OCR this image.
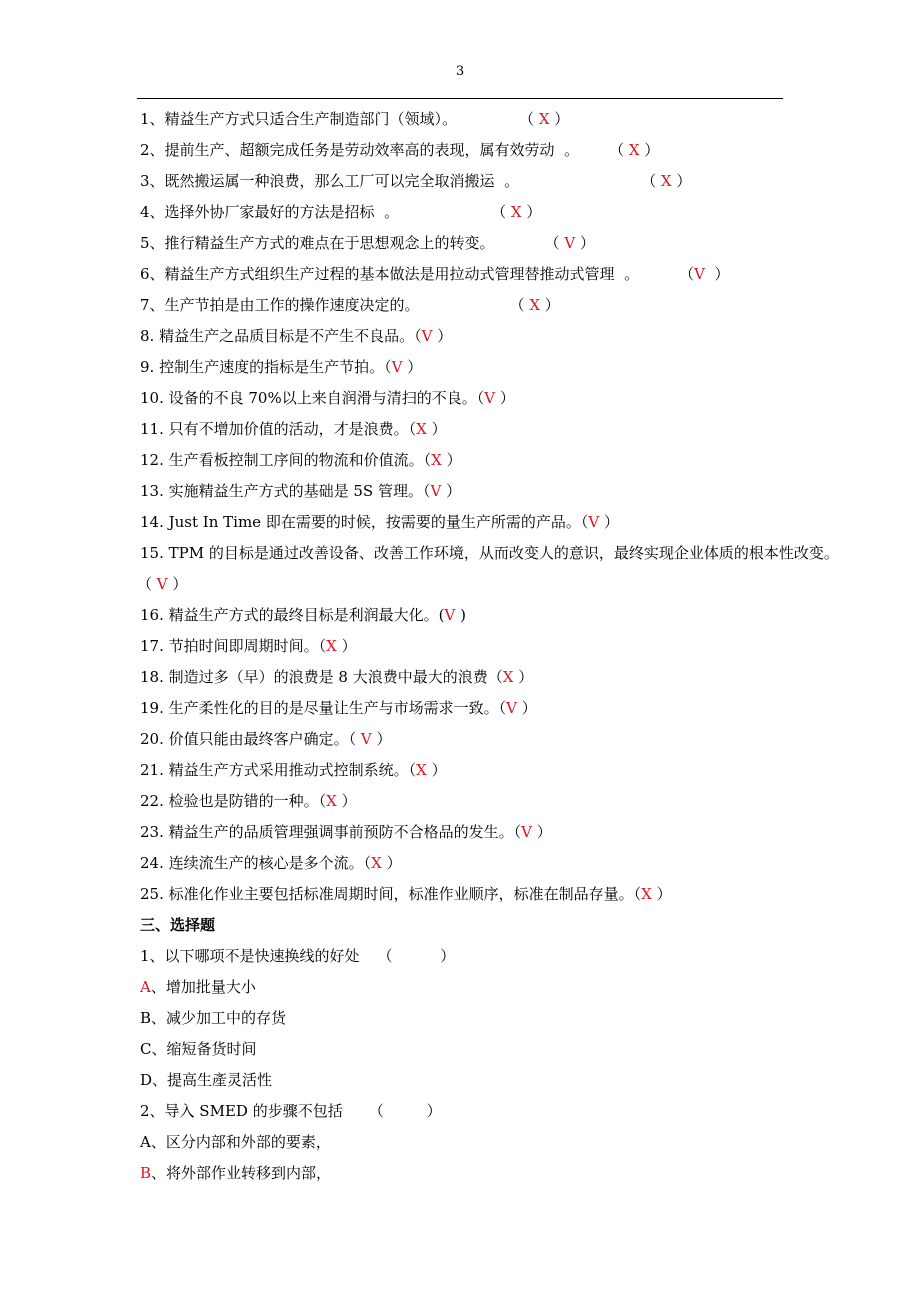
3
1、精益生产方式只适合生产制造部门（领域）。	（ X ）
2、提前生产、超额完成任务是劳动效率高的表现，属有效劳动  。 （ X ）
3、既然搬运属一种浪费，那么工厂可以完全取消搬运  。	（ X ）
4、选择外协厂家最好的方法是招标  。	（ X ）
5、推行精益生产方式的难点在于思想观念上的转变。	（ V ）
6、精益生产方式组织生产过程的基本做法是用拉动式管理替推动式管理  。	（V  ）
7、生产节拍是由工作的操作速度决定的。	（ X ）
8. 精益生产之品质目标是不产生不良品。（V ）
9. 控制生产速度的指标是生产节拍。（V ）
10. 设备的不良 70%以上来自润滑与清扫的不良。（V ）
11. 只有不增加价值的活动，才是浪费。（X ）
12. 生产看板控制工序间的物流和价值流。（X ）
13. 实施精益生产方式的基础是 5S 管理。（V ）
14. Just In Time 即在需要的时候，按需要的量生产所需的产品。（V ）
15. TPM 的目标是通过改善设备、改善工作环境，从而改变人的意识，最终实现企业体质的根本性改变。
（ V ）
16. 精益生产方式的最终目标是利润最大化。(V )
17. 节拍时间即周期时间。（X ）
18. 制造过多（早）的浪费是 8 大浪费中最大的浪费（X ）
19. 生产柔性化的目的是尽量让生产与市场需求一致。（V ）
20. 价值只能由最终客户确定。（ V ）
21. 精益生产方式采用推动式控制系统。（X ）
22. 检验也是防错的一种。（X ）
23. 精益生产的品质管理强调事前预防不合格品的发生。（V ）
24. 连续流生产的核心是多个流。（X ）
25. 标准化作业主要包括标准周期时间，标准作业顺序，标准在制品存量。（X ）
三、选择题
1、以下哪项不是快速换线的好处 （          ）
A、增加批量大小
B、减少加工中的存货
C、缩短备货时间
D、提高生產灵活性
2、导入 SMED 的步骤不包括 （         ）
A、区分内部和外部的要素，
B、将外部作业转移到内部，
